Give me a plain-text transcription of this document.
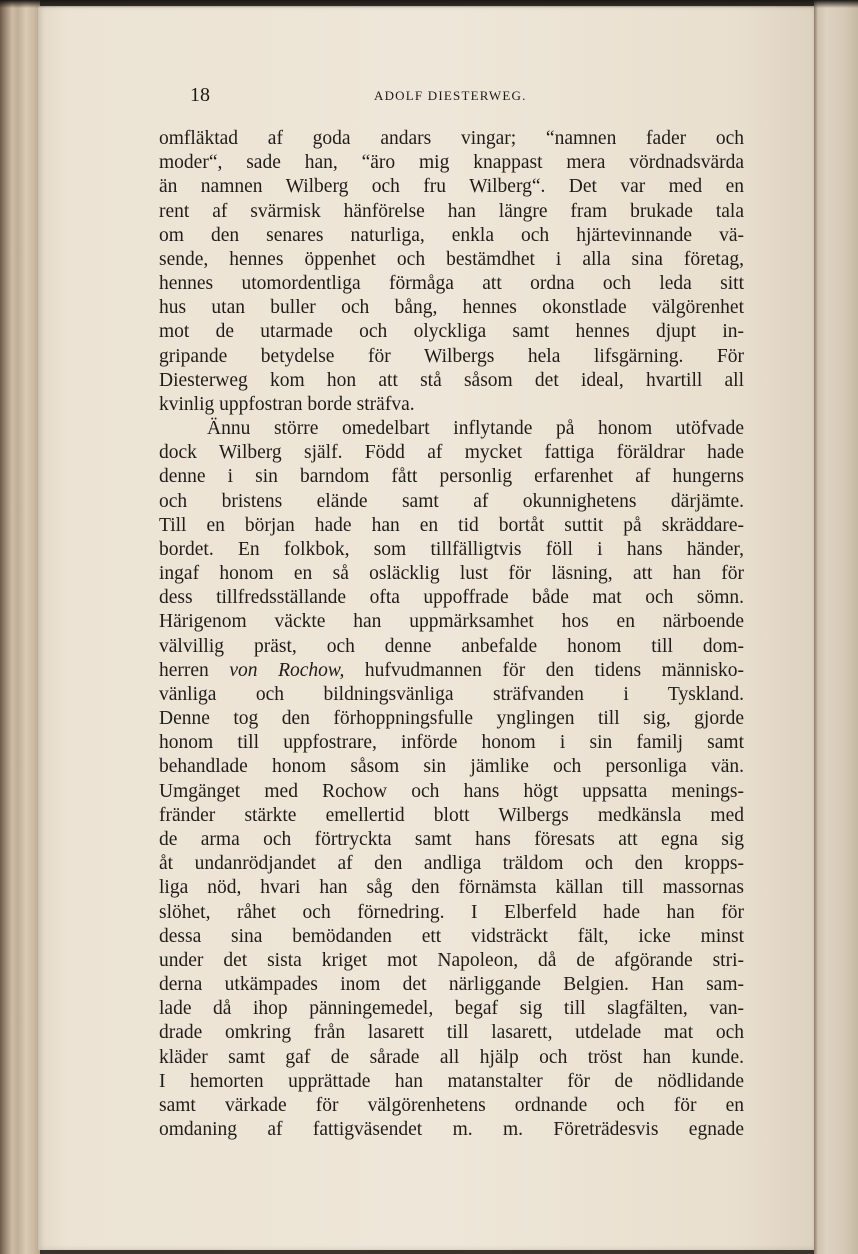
18	ADOLF DIESTERWEG.
omfläktad af goda andars vingar; “namnen fader och
moder“, sade han, “äro mig knappast mera vördnadsvärda
än namnen Wilberg och fru Wilberg“. Det var med en
rent af svärmisk hänförelse han längre fram brukade tala
om den senares naturliga, enkla och hjärtevinnande vä-
sende, hennes öppenhet och bestämdhet i alla sina företag,
hennes utomordentliga förmåga att ordna och leda sitt
hus utan buller och bång, hennes okonstlade välgörenhet
mot de utarmade och olyckliga samt hennes djupt in-
gripande betydelse för Wilbergs hela lifsgärning. För
Diesterweg kom hon att stå såsom det ideal, hvartill all
kvinlig uppfostran borde sträfva.
Ännu större omedelbart inflytande på honom utöfvade
dock Wilberg själf. Född af mycket fattiga föräldrar hade
denne i sin barndom fått personlig erfarenhet af hungerns
och bristens elände samt af okunnighetens därjämte.
Till en början hade han en tid bortåt suttit på skräddare-
bordet. En folkbok, som tillfälligtvis föll i hans händer,
ingaf honom en så osläcklig lust för läsning, att han för
dess tillfredsställande ofta uppoffrade både mat och sömn.
Härigenom väckte han uppmärksamhet hos en närboende
välvillig präst, och denne anbefalde honom till dom-
herren von Rochow, hufvudmannen för den tidens människo-
vänliga och bildningsvänliga sträfvanden i Tyskland.
Denne tog den förhoppningsfulle ynglingen till sig, gjorde
honom till uppfostrare, införde honom i sin familj samt
behandlade honom såsom sin jämlike och personliga vän.
Umgänget med Rochow och hans högt uppsatta menings-
fränder stärkte emellertid blott Wilbergs medkänsla med
de arma och förtryckta samt hans föresats att egna sig
åt undanrödjandet af den andliga träldom och den kropps-
liga nöd, hvari han såg den förnämsta källan till massornas
slöhet, råhet och förnedring. I Elberfeld hade han för
dessa sina bemödanden ett vidsträckt fält, icke minst
under det sista kriget mot Napoleon, då de afgörande stri-
derna utkämpades inom det närliggande Belgien. Han sam-
lade då ihop pänningemedel, begaf sig till slagfälten, van-
drade omkring från lasarett till lasarett, utdelade mat och
kläder samt gaf de sårade all hjälp och tröst han kunde.
I hemorten upprättade han matanstalter för de nödlidande
samt värkade för välgörenhetens ordnande och för en
omdaning af fattigväsendet m. m. Företrädesvis egnade
